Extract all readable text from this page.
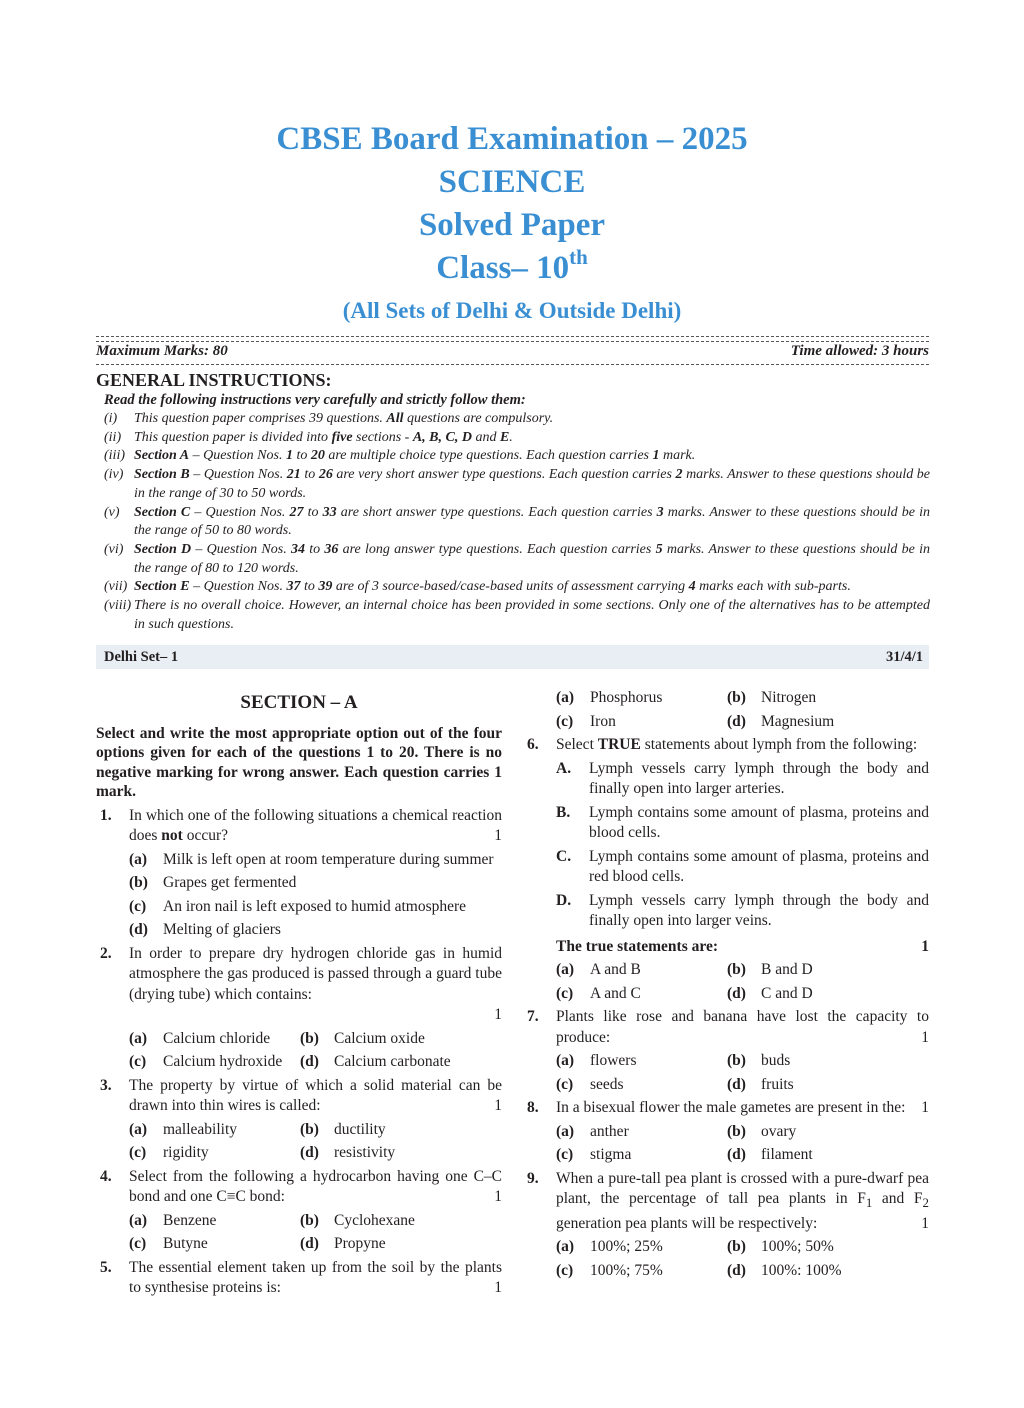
CBSE Board Examination – 2025
SCIENCE
Solved Paper
Class– 10th
(All Sets of Delhi & Outside Delhi)
Maximum Marks: 80	Time allowed: 3 hours
GENERAL INSTRUCTIONS:
Read the following instructions very carefully and strictly follow them:
(i)	This question paper comprises 39 questions. All questions are compulsory.
(ii) This question paper is divided into five sections - A, B, C, D and E.
(iii) Section A – Question Nos. 1 to 20 are multiple choice type questions. Each question carries 1 mark.
(iv) Section B – Question Nos. 21 to 26 are very short answer type questions. Each question carries 2 marks. Answer to these questions should be in the range of 30 to 50 words.
(v)	Section C – Question Nos. 27 to 33 are short answer type questions. Each question carries 3 marks. Answer to these questions should be in the range of 50 to 80 words.
(vi) Section D – Question Nos. 34 to 36 are long answer type questions. Each question carries 5 marks. Answer to these questions should be in the range of 80 to 120 words.
(vii) Section E – Question Nos. 37 to 39 are of 3 source-based/case-based units of assessment carrying 4 marks each with sub-parts.
(viii) There is no overall choice. However, an internal choice has been provided in some sections. Only one of the alternatives has to be attempted in such questions.
Delhi Set– 1	31/4/1
SECTION – A
Select and write the most appropriate option out of the four options given for each of the questions 1 to 20. There is no negative marking for wrong answer. Each question carries 1 mark.
1.	In which one of the following situations a chemical reaction does not occur?	1
(a)	Milk is left open at room temperature during summer
(b) Grapes get fermented
(c)	An iron nail is left exposed to humid atmosphere
(d) Melting of glaciers
2.	In order to prepare dry hydrogen chloride gas in humid atmosphere the gas produced is passed through a guard tube (drying tube) which contains:
1
(a)	Calcium chloride (b) Calcium oxide
(c)	Calcium hydroxide (d) Calcium carbonate
3.	The property by virtue of which a solid material can be drawn into thin wires is called:	1
(a)	malleability	(b) ductility
(c)	rigidity	(d) resistivity
4.	Select from the following a hydrocarbon having one C–C bond and one C≡C bond:	1
(a)	Benzene	(b) Cyclohexane
(c)	Butyne	(d) Propyne
5.	The essential element taken up from the soil by the plants to synthesise proteins is:	1
(a)	Phosphorus	(b) Nitrogen
(c)	Iron	(d) Magnesium
6.	Select TRUE statements about lymph from the following:
A.	Lymph vessels carry lymph through the body and finally open into larger arteries.
B.	Lymph contains some amount of plasma, proteins and blood cells.
C.	Lymph contains some amount of plasma, proteins and red blood cells.
D.	Lymph vessels carry lymph through the body and finally open into larger veins.
The true statements are:	1
(a)	A and B	(b) B and D
(c)	A and C	(d) C and D
7.	Plants like rose and banana have lost the capacity to produce:	1
(a)	flowers	(b) buds
(c)	seeds	(d) fruits
8.	In a bisexual flower the male gametes are present in the: 1
(a)	anther	(b) ovary
(c)	stigma	(d) filament
9.	When a pure-tall pea plant is crossed with a pure-dwarf pea plant, the percentage of tall pea plants in $F_1$ and $F_2$ generation pea plants will be respectively:	1
(a)	100%; 25%	(b) 100%; 50%
(c)	100%; 75%	(d) 100%: 100%
